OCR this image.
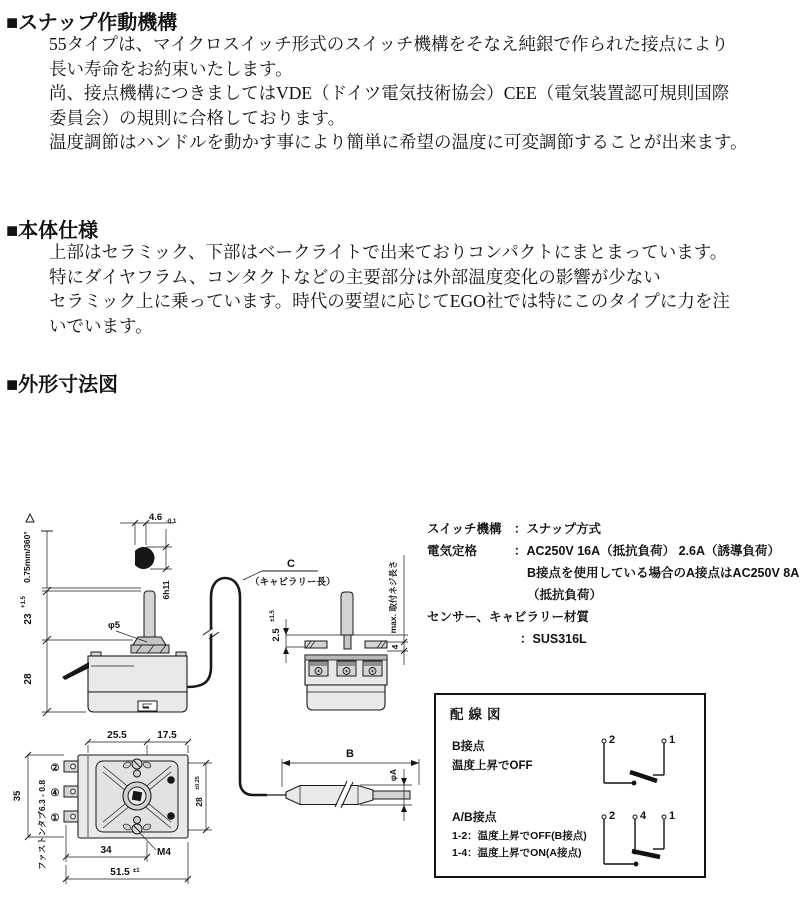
■スナップ作動機構
55タイプは、マイクロスイッチ形式のスイッチ機構をそなえ純銀で作られた接点により
長い寿命をお約束いたします。
尚、接点機構につきましてはVDE（ドイツ電気技術協会）CEE（電気装置認可規則国際
委員会）の規則に合格しております。
温度調節はハンドルを動かす事により簡単に希望の温度に可変調節することが出来ます。
■本体仕様
上部はセラミック、下部はベークライトで出来ておりコンパクトにまとまっています。
特にダイヤフラム、コンタクトなどの主要部分は外部温度変化の影響が少ない
セラミック上に乗っています。時代の要望に応じてEGO社では特にこのタイプに力を注
いでいます。
■外形寸法図
0.75mm/360°
23
+1.5
28
4.6 -0.1
6h11
φ5
C
（キャビラリー長）
2.5
±1.5	max. 取付ネジ長さ
4
25.5	17.5
35 ファストンタブ6.3 - 0.8
②
④
①
28
±0.25
34	M4
51.5 ±1
B
φA
スイッチ機構 ：スナップ方式
電気定格	：AC250V 16A（抵抗負荷） 2.6A（誘導負荷）
B接点を使用している場合のA接点はAC250V 8A
（抵抗負荷）
センサー、キャビラリー材質
：SUS316L
2	1
2 4 1
配線図
B接点
温度上昇でOFF
A/B接点
1-2：温度上昇でOFF(B接点)
1-4：温度上昇でON(A接点)
